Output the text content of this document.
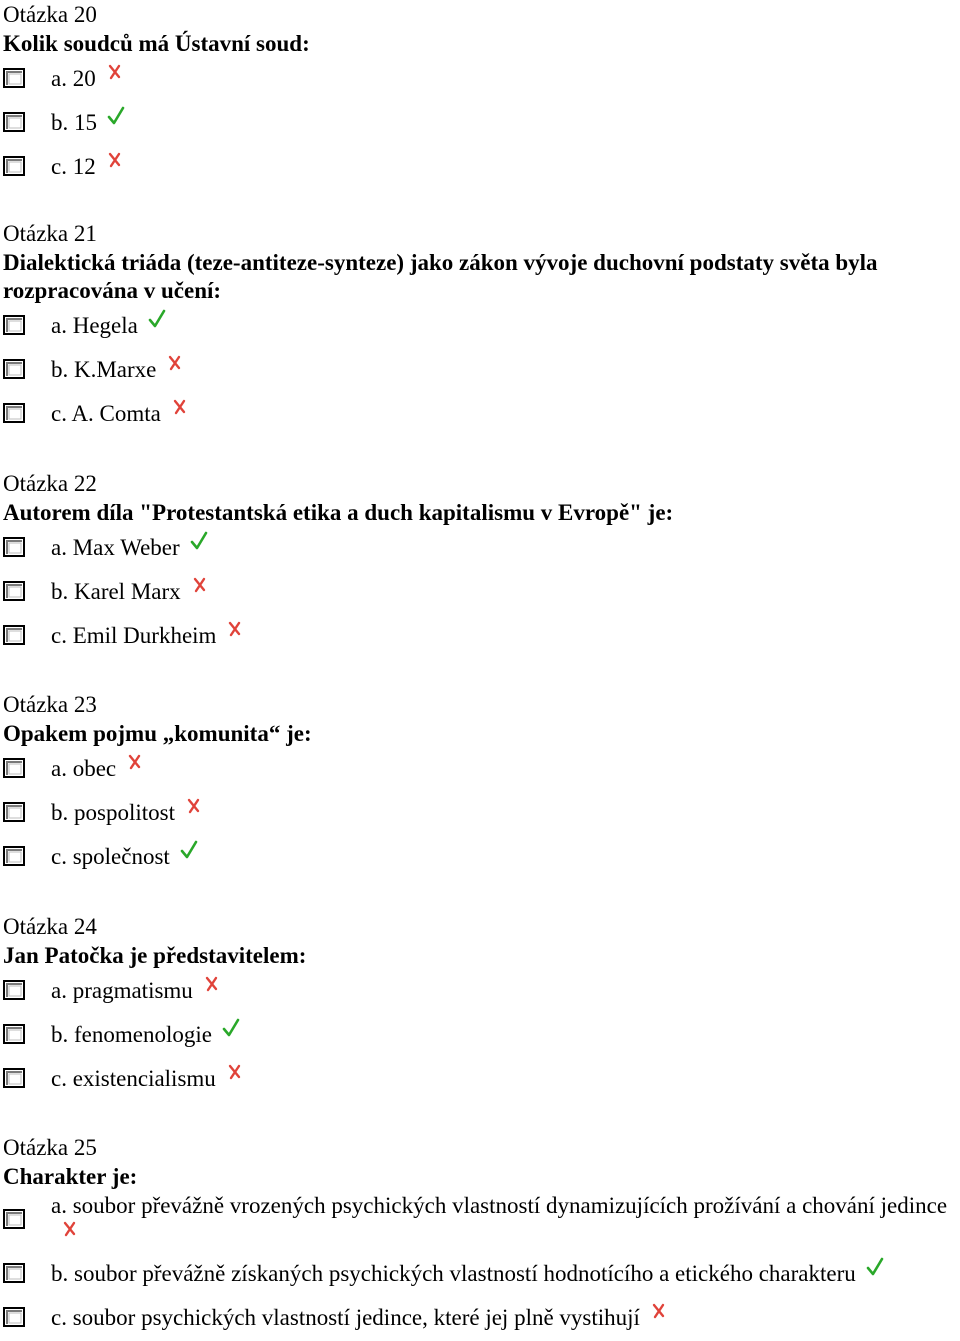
Otázka 20
Kolik soudců má Ústavní soud:
a. 20
b. 15
c. 12
Otázka 21
Dialektická triáda (teze-antiteze-synteze) jako zákon vývoje duchovní podstaty světa byla rozpracována v učení:
a. Hegela
b. K.Marxe
c. A. Comta
Otázka 22
Autorem díla "Protestantská etika a duch kapitalismu v Evropě" je:
a. Max Weber
b. Karel Marx
c. Emil Durkheim
Otázka 23
Opakem pojmu „komunita“ je:
a. obec
b. pospolitost
c. společnost
Otázka 24
Jan Patočka je představitelem:
a. pragmatismu
b. fenomenologie
c. existencialismu
Otázka 25
Charakter je:
a. soubor převážně vrozených psychických vlastností dynamizujících prožívání a chování jedince
b. soubor převážně získaných psychických vlastností hodnotícího a etického charakteru
c. soubor psychických vlastností jedince, které jej plně vystihují
